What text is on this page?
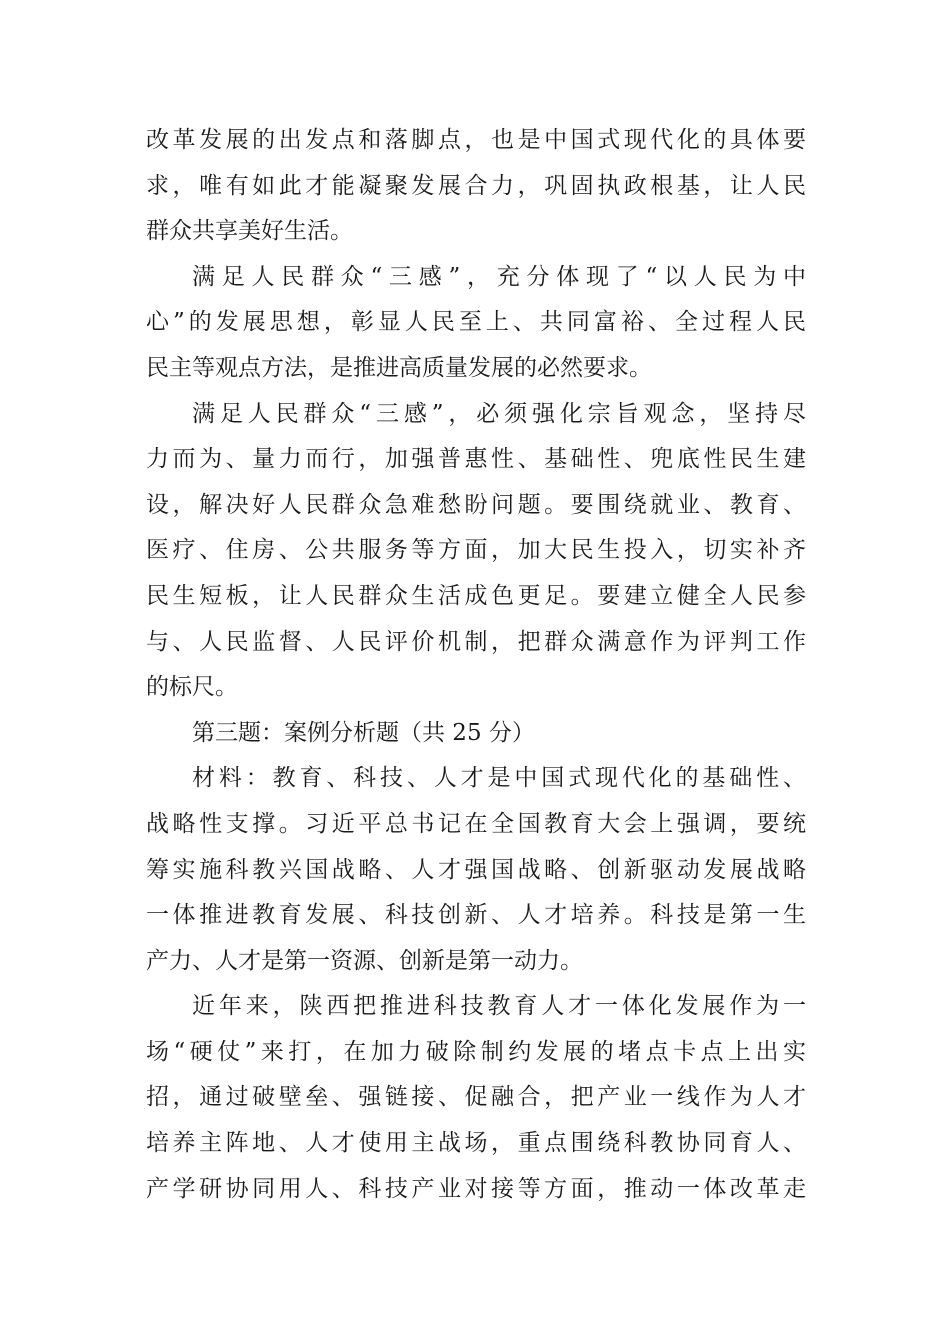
改革发展的出发点和落脚点，也是中国式现代化的具体要
求，唯有如此才能凝聚发展合力，巩固执政根基，让人民
群众共享美好生活。
满足人民群众“三感”，充分体现了“以人民为中
心”的发展思想，彰显人民至上、共同富裕、全过程人民
民主等观点方法，是推进高质量发展的必然要求。
满足人民群众“三感”，必须强化宗旨观念，坚持尽
力而为、量力而行，加强普惠性、基础性、兜底性民生建
设，解决好人民群众急难愁盼问题。要围绕就业、教育、
医疗、住房、公共服务等方面，加大民生投入，切实补齐
民生短板，让人民群众生活成色更足。要建立健全人民参
与、人民监督、人民评价机制，把群众满意作为评判工作
的标尺。
第三题：案例分析题（共 25 分）
材料：教育、科技、人才是中国式现代化的基础性、
战略性支撑。习近平总书记在全国教育大会上强调，要统
筹实施科教兴国战略、人才强国战略、创新驱动发展战略
一体推进教育发展、科技创新、人才培养。科技是第一生
产力、人才是第一资源、创新是第一动力。
近年来，陕西把推进科技教育人才一体化发展作为一
场“硬仗”来打，在加力破除制约发展的堵点卡点上出实
招，通过破壁垒、强链接、促融合，把产业一线作为人才
培养主阵地、人才使用主战场，重点围绕科教协同育人、
产学研协同用人、科技产业对接等方面，推动一体改革走
